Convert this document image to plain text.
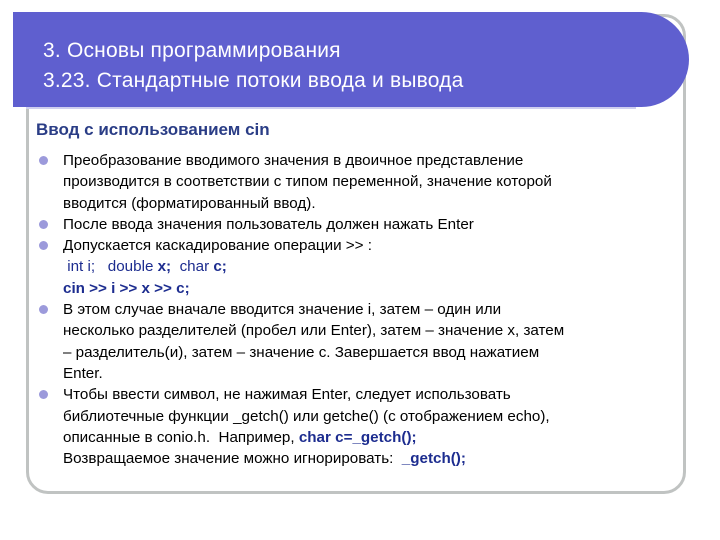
3. Основы программирования
3.23. Стандартные потоки ввода и вывода
Ввод с использованием cin
Преобразование вводимого значения в двоичное представление
производится в соответствии с типом переменной, значение которой
вводится (форматированный ввод).
После ввода значения пользователь должен нажать Enter
Допускается каскадирование операции >> :
int i; double x; char c;
cin >> i >> x >> c;
В этом случае вначале вводится значение i, затем – один или
несколько разделителей (пробел или Enter), затем – значение x, затем
– разделитель(и), затем – значение c. Завершается ввод нажатием
Enter.
Чтобы ввести символ, не нажимая Enter, следует использовать
библиотечные функции _getch() или getche() (с отображением echo),
описанные в conio.h.  Например, char c=_getch();
Возвращаемое значение можно игнорировать:  _getch();
